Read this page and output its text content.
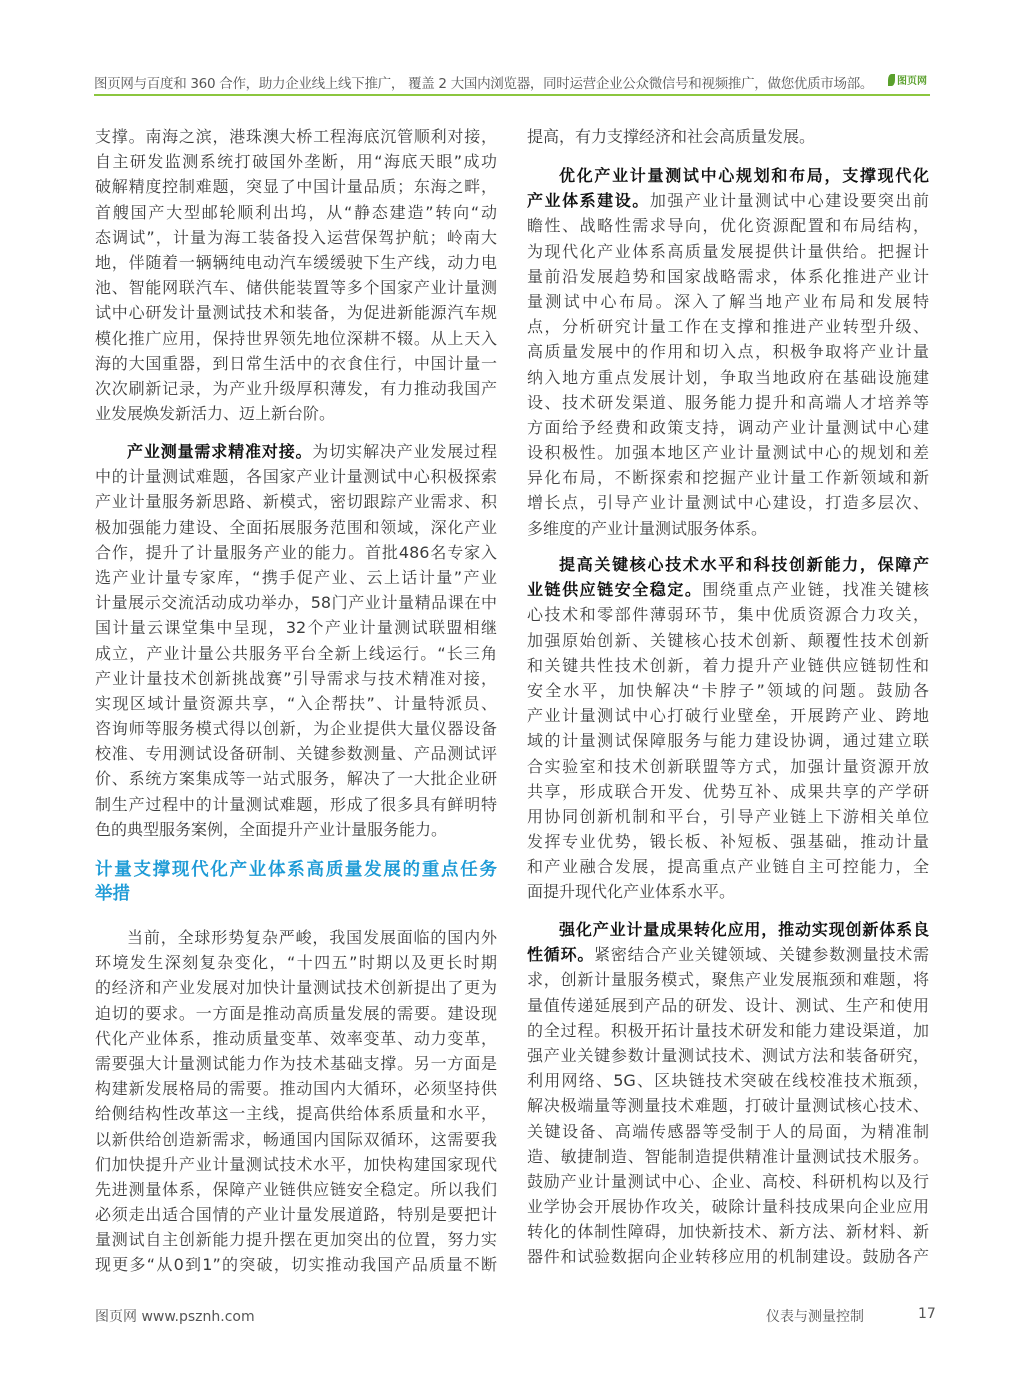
图页网与百度和 360 合作，助力企业线上线下推广， 覆盖 2 大国内浏览器，同时运营企业公众微信号和视频推广，做您优质市场部。	图页网
支撑。南海之滨，港珠澳大桥工程海底沉管顺利对接，
自主研发监测系统打破国外垄断，用“海底天眼”成功
破解精度控制难题，突显了中国计量品质；东海之畔，
首艘国产大型邮轮顺利出坞，从“静态建造”转向“动
态调试”，计量为海工装备投入运营保驾护航；岭南大
地，伴随着一辆辆纯电动汽车缓缓驶下生产线，动力电
池、智能网联汽车、储供能装置等多个国家产业计量测
试中心研发计量测试技术和装备，为促进新能源汽车规
模化推广应用，保持世界领先地位深耕不辍。从上天入
海的大国重器，到日常生活中的衣食住行，中国计量一
次次刷新记录，为产业升级厚积薄发，有力推动我国产
业发展焕发新活力、迈上新台阶。
产业测量需求精准对接。为切实解决产业发展过程
中的计量测试难题，各国家产业计量测试中心积极探索
产业计量服务新思路、新模式，密切跟踪产业需求、积
极加强能力建设、全面拓展服务范围和领域，深化产业
合作，提升了计量服务产业的能力。首批486名专家入
选产业计量专家库，“携手促产业、云上话计量”产业
计量展示交流活动成功举办，58门产业计量精品课在中
国计量云课堂集中呈现，32个产业计量测试联盟相继
成立，产业计量公共服务平台全新上线运行。“长三角
产业计量技术创新挑战赛”引导需求与技术精准对接，
实现区域计量资源共享，“入企帮扶”、计量特派员、
咨询师等服务模式得以创新，为企业提供大量仪器设备
校准、专用测试设备研制、关键参数测量、产品测试评
价、系统方案集成等一站式服务，解决了一大批企业研
制生产过程中的计量测试难题，形成了很多具有鲜明特
色的典型服务案例，全面提升产业计量服务能力。
计量支撑现代化产业体系高质量发展的重点任务
举措
当前，全球形势复杂严峻，我国发展面临的国内外
环境发生深刻复杂变化，“十四五”时期以及更长时期
的经济和产业发展对加快计量测试技术创新提出了更为
迫切的要求。一方面是推动高质量发展的需要。建设现
代化产业体系，推动质量变革、效率变革、动力变革，
需要强大计量测试能力作为技术基础支撑。另一方面是
构建新发展格局的需要。推动国内大循环，必须坚持供
给侧结构性改革这一主线，提高供给体系质量和水平，
以新供给创造新需求，畅通国内国际双循环，这需要我
们加快提升产业计量测试技术水平，加快构建国家现代
先进测量体系，保障产业链供应链安全稳定。所以我们
必须走出适合国情的产业计量发展道路，特别是要把计
量测试自主创新能力提升摆在更加突出的位置，努力实
现更多“从0到1”的突破，切实推动我国产品质量不断
提高，有力支撑经济和社会高质量发展。
优化产业计量测试中心规划和布局，支撑现代化
产业体系建设。加强产业计量测试中心建设要突出前
瞻性、战略性需求导向，优化资源配置和布局结构，
为现代化产业体系高质量发展提供计量供给。把握计
量前沿发展趋势和国家战略需求，体系化推进产业计
量测试中心布局。深入了解当地产业布局和发展特
点，分析研究计量工作在支撑和推进产业转型升级、
高质量发展中的作用和切入点，积极争取将产业计量
纳入地方重点发展计划，争取当地政府在基础设施建
设、技术研发渠道、服务能力提升和高端人才培养等
方面给予经费和政策支持，调动产业计量测试中心建
设积极性。加强本地区产业计量测试中心的规划和差
异化布局，不断探索和挖掘产业计量工作新领域和新
增长点，引导产业计量测试中心建设，打造多层次、
多维度的产业计量测试服务体系。
提高关键核心技术水平和科技创新能力，保障产
业链供应链安全稳定。围绕重点产业链，找准关键核
心技术和零部件薄弱环节，集中优质资源合力攻关，
加强原始创新、关键核心技术创新、颠覆性技术创新
和关键共性技术创新，着力提升产业链供应链韧性和
安全水平，加快解决“卡脖子”领域的问题。鼓励各
产业计量测试中心打破行业壁垒，开展跨产业、跨地
域的计量测试保障服务与能力建设协调，通过建立联
合实验室和技术创新联盟等方式，加强计量资源开放
共享，形成联合开发、优势互补、成果共享的产学研
用协同创新机制和平台，引导产业链上下游相关单位
发挥专业优势，锻长板、补短板、强基础，推动计量
和产业融合发展，提高重点产业链自主可控能力，全
面提升现代化产业体系水平。
强化产业计量成果转化应用，推动实现创新体系良
性循环。紧密结合产业关键领域、关键参数测量技术需
求，创新计量服务模式，聚焦产业发展瓶颈和难题，将
量值传递延展到产品的研发、设计、测试、生产和使用
的全过程。积极开拓计量技术研发和能力建设渠道，加
强产业关键参数计量测试技术、测试方法和装备研究，
利用网络、5G、区块链技术突破在线校准技术瓶颈，
解决极端量等测量技术难题，打破计量测试核心技术、
关键设备、高端传感器等受制于人的局面，为精准制
造、敏捷制造、智能制造提供精准计量测试技术服务。
鼓励产业计量测试中心、企业、高校、科研机构以及行
业学协会开展协作攻关，破除计量科技成果向企业应用
转化的体制性障碍，加快新技术、新方法、新材料、新
器件和试验数据向企业转移应用的机制建设。鼓励各产
图页网 www.psznh.com	仪表与测量控制	17
